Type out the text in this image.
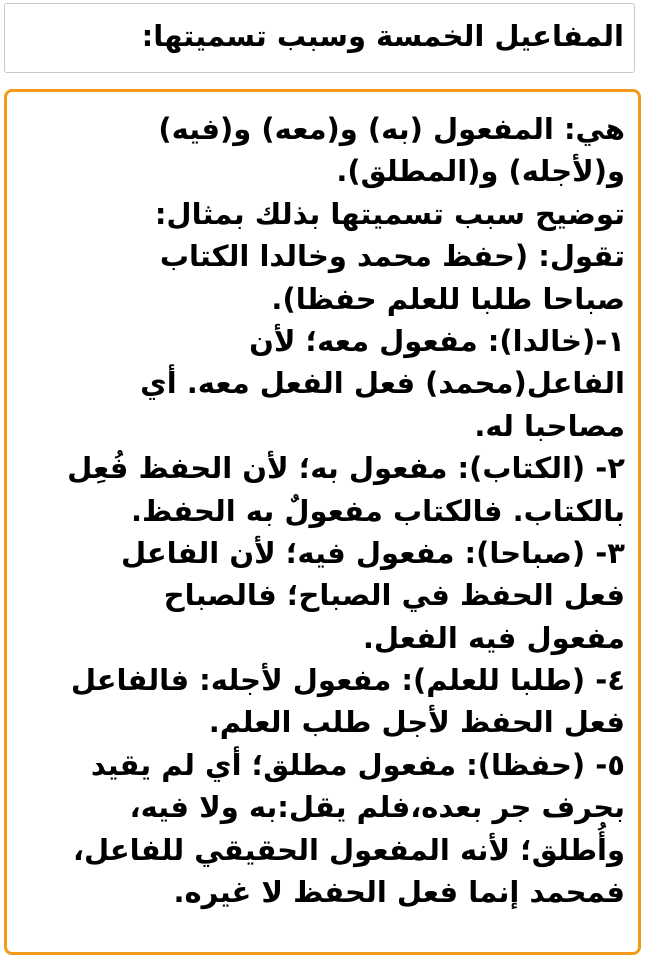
المفاعيل الخمسة وسبب تسميتها:
هي: المفعول (به) و(معه) و(فيه)
و(لأجله) و(المطلق).
توضيح سبب تسميتها بذلك بمثال:
تقول: (حفظ محمد وخالدا الكتاب
صباحا طلبا للعلم حفظا).
١-(خالدا): مفعول معه؛ لأن
الفاعل(محمد) فعل الفعل معه. أي
مصاحبا له.
٢- (الكتاب): مفعول به؛ لأن الحفظ فُعِل
بالكتاب. فالكتاب مفعولٌ به الحفظ.
٣- (صباحا): مفعول فيه؛ لأن الفاعل
فعل الحفظ في الصباح؛ فالصباح
مفعول فيه الفعل.
٤- (طلبا للعلم): مفعول لأجله: فالفاعل
فعل الحفظ لأجل طلب العلم.
٥- (حفظا): مفعول مطلق؛ أي لم يقيد
بحرف جر بعده،فلم يقل:به ولا فيه،
وأُطلق؛ لأنه المفعول الحقيقي للفاعل،
فمحمد إنما فعل الحفظ لا غيره.
